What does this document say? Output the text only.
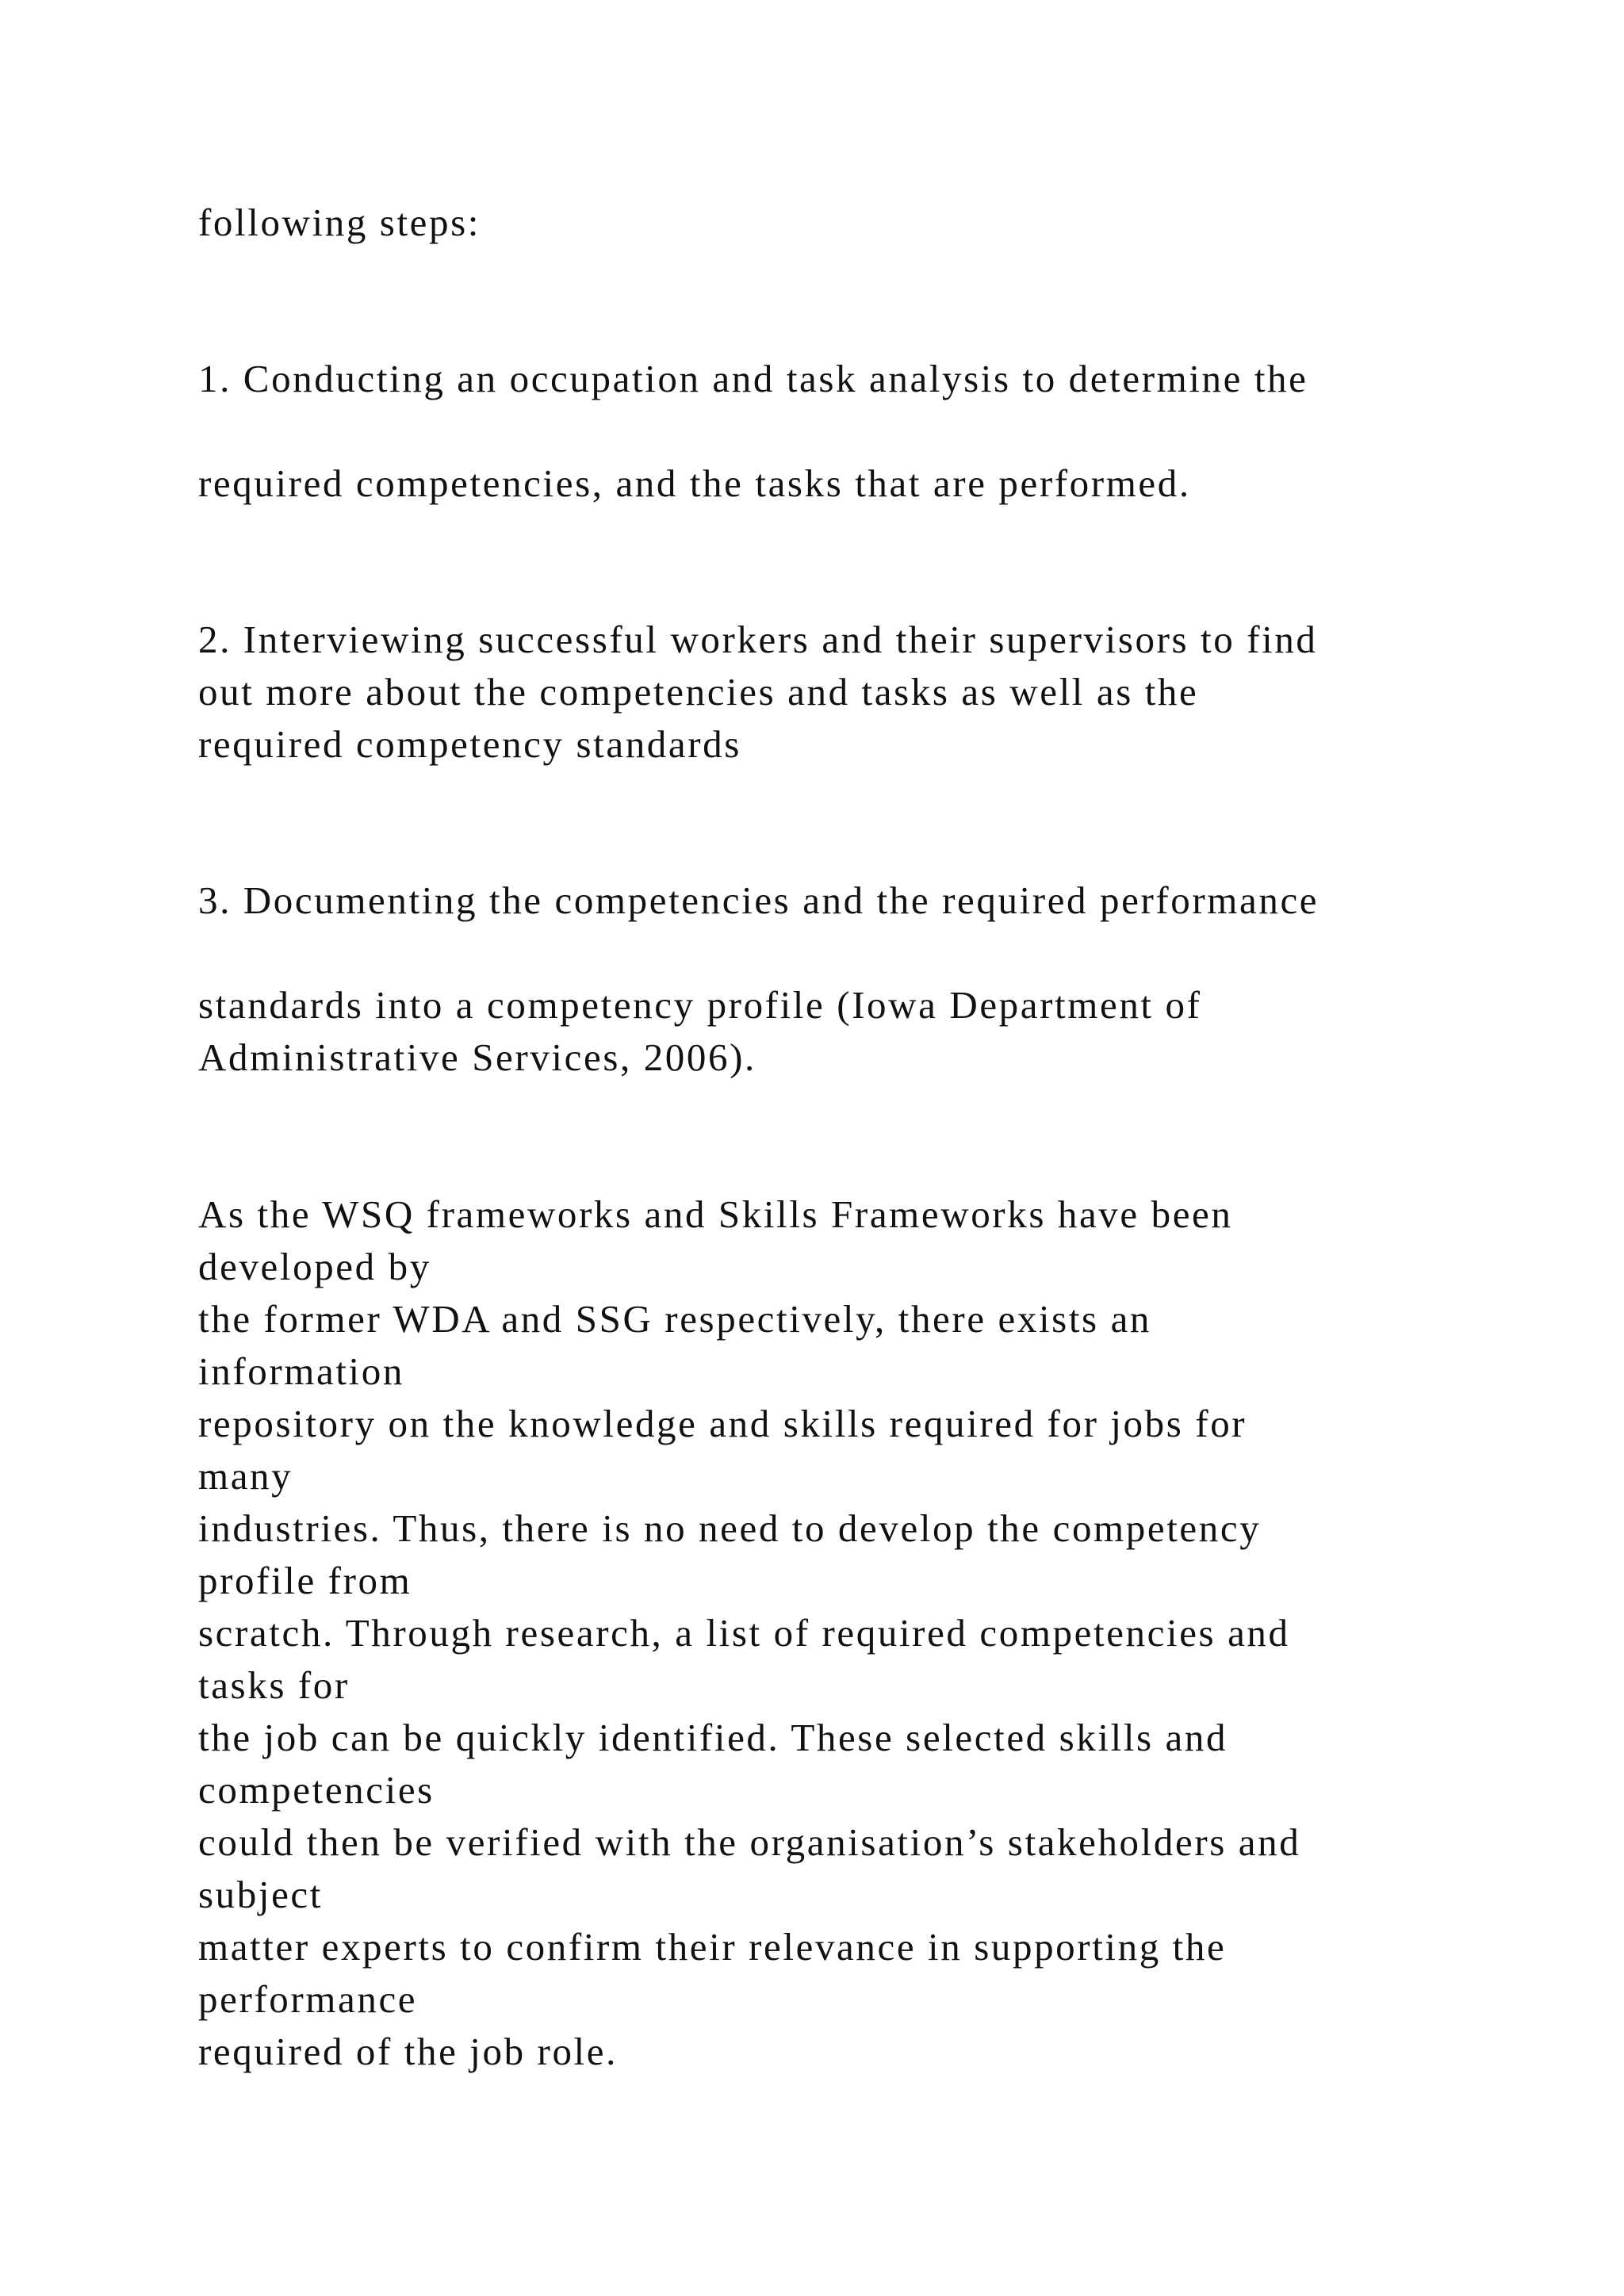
following steps:

1. Conducting an occupation and task analysis to determine the

required competencies, and the tasks that are performed.

2. Interviewing successful workers and their supervisors to find

out more about the competencies and tasks as well as the

required competency standards

3. Documenting the competencies and the required performance

standards into a competency profile (Iowa Department of

Administrative Services, 2006).

As the WSQ frameworks and Skills Frameworks have been

developed by

the former WDA and SSG respectively, there exists an

information

repository on the knowledge and skills required for jobs for

many

industries. Thus, there is no need to develop the competency

profile from

scratch. Through research, a list of required competencies and

tasks for

the job can be quickly identified. These selected skills and

competencies

could then be verified with the organisation’s stakeholders and

subject

matter experts to confirm their relevance in supporting the

performance

required of the job role.
